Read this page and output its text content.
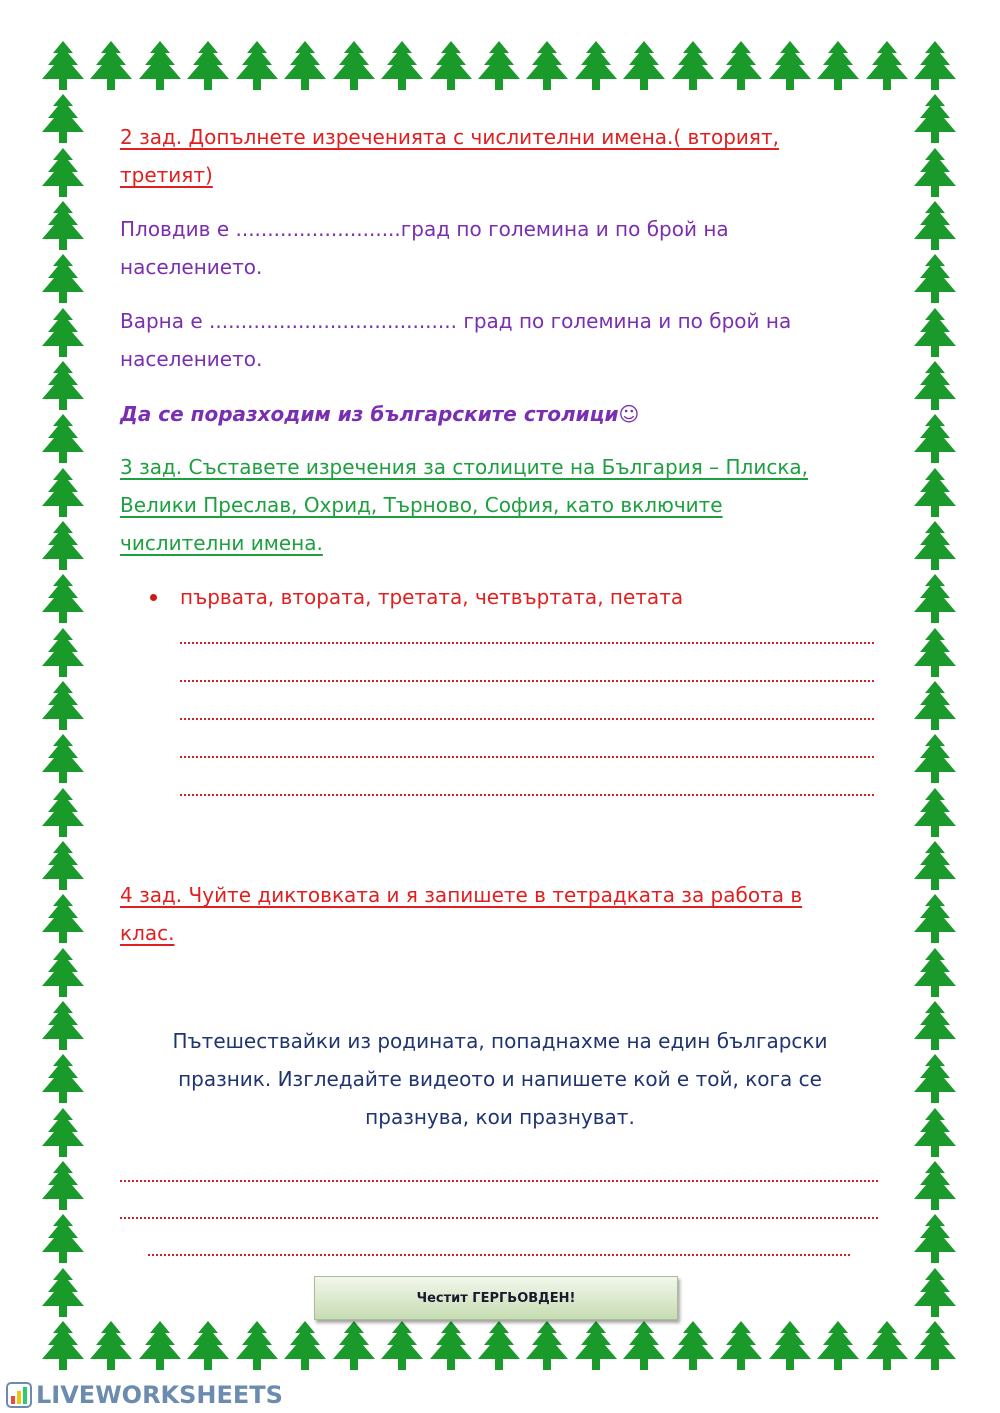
2 зад. Допълнете изреченията с числителни имена.( вторият, третият)
Пловдив е ..........................град по големина и по брой на
населението.
Варна е ....................................... град по големина и по брой на
населението.
Да се поразходим из българските столици☺
3 зад. Съставете изречения за столиците на България – Плиска,
Велики Преслав, Охрид, Търново, София, като включите
числителни имена.
първата, втората, третата, четвъртата, петата
4 зад. Чуйте диктовката и я запишете в тетрадката за работа в
клас.
Пътешествайки из родината, попаднахме на един български
празник. Изгледайте видеото и напишете кой е той, кога се
празнува, кои празнуват.
Честит ГЕРГЬОВДЕН!
LIVEWORKSHEETS
